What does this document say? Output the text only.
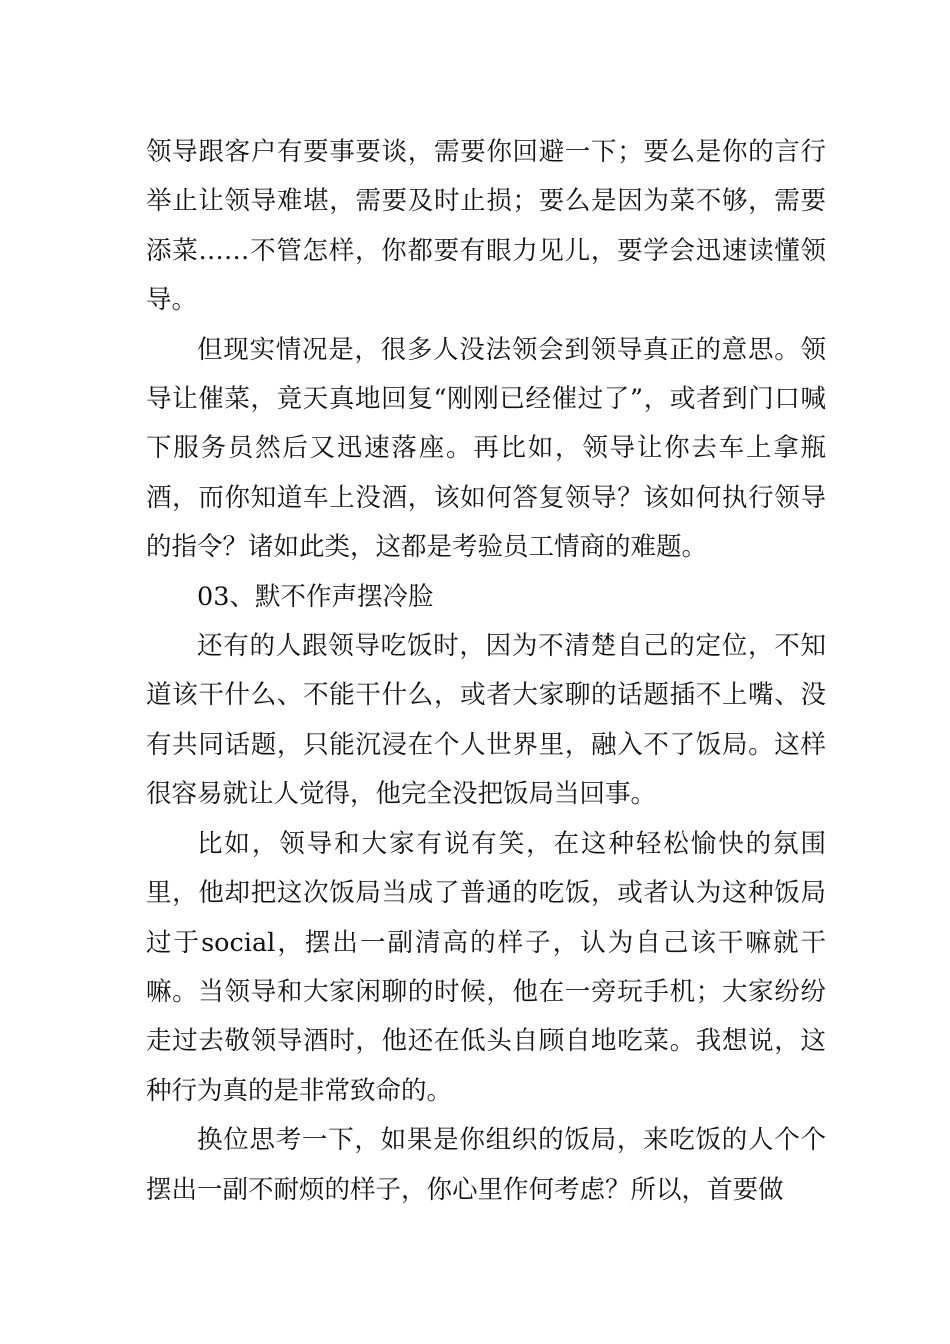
领导跟客户有要事要谈，需要你回避一下；要么是你的言行举止让领导难堪，需要及时止损；要么是因为菜不够，需要添菜……不管怎样，你都要有眼力见儿，要学会迅速读懂领导。

但现实情况是，很多人没法领会到领导真正的意思。领导让催菜，竟天真地回复“刚刚已经催过了”，或者到门口喊下服务员然后又迅速落座。再比如，领导让你去车上拿瓶酒，而你知道车上没酒，该如何答复领导？该如何执行领导的指令？诸如此类，这都是考验员工情商的难题。

03、默不作声摆冷脸

还有的人跟领导吃饭时，因为不清楚自己的定位，不知道该干什么、不能干什么，或者大家聊的话题插不上嘴、没有共同话题，只能沉浸在个人世界里，融入不了饭局。这样很容易就让人觉得，他完全没把饭局当回事。

比如，领导和大家有说有笑，在这种轻松愉快的氛围里，他却把这次饭局当成了普通的吃饭，或者认为这种饭局过于social，摆出一副清高的样子，认为自己该干嘛就干嘛。当领导和大家闲聊的时候，他在一旁玩手机；大家纷纷走过去敬领导酒时，他还在低头自顾自地吃菜。我想说，这种行为真的是非常致命的。

换位思考一下，如果是你组织的饭局，来吃饭的人个个摆出一副不耐烦的样子，你心里作何考虑？所以，首要做
